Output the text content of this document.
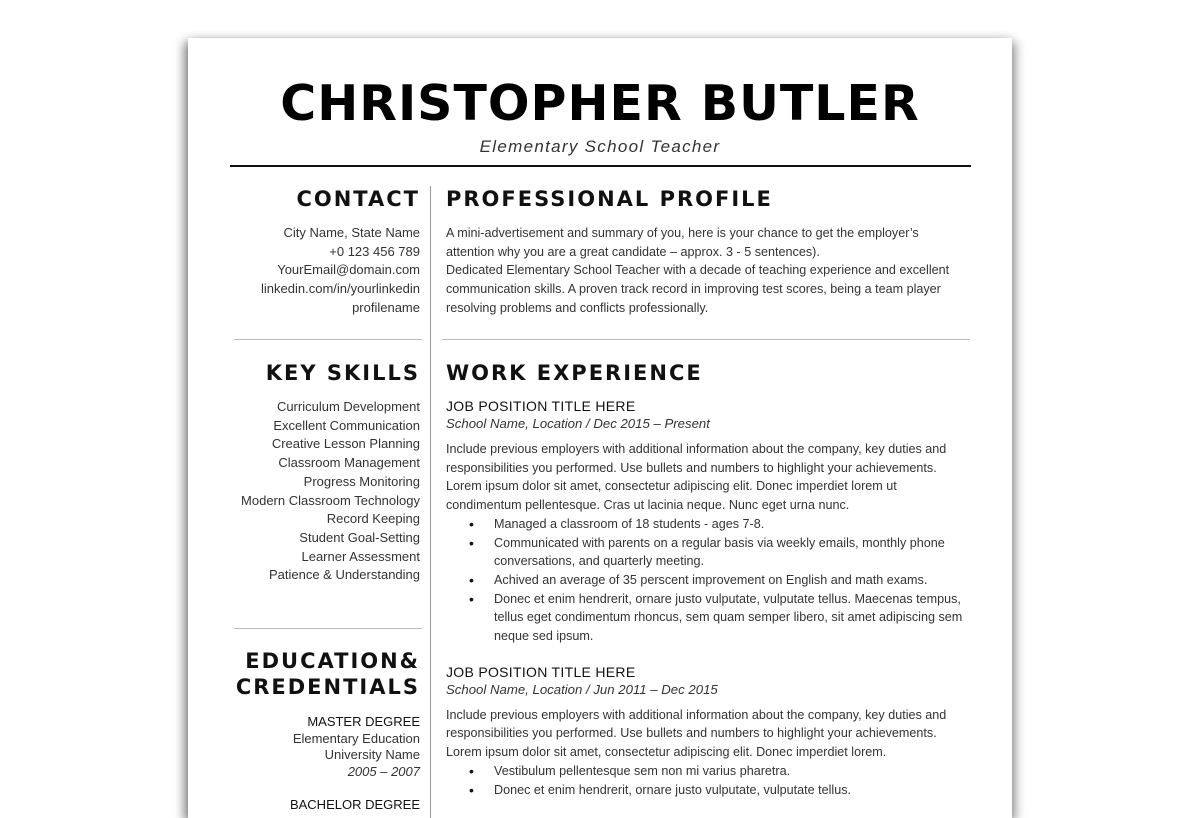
CHRISTOPHER BUTLER
Elementary School Teacher
CONTACT
City Name, State Name
+0 123 456 789
YourEmail@domain.com
linkedin.com/in/yourlinkedin
profilename
KEY SKILLS
Curriculum Development
Excellent Communication
Creative Lesson Planning
Classroom Management
Progress Monitoring
Modern Classroom Technology
Record Keeping
Student Goal-Setting
Learner Assessment
Patience & Understanding
EDUCATION&
CREDENTIALS
MASTER DEGREE
Elementary Education
University Name
2005 – 2007
BACHELOR DEGREE
PROFESSIONAL PROFILE
A mini-advertisement and summary of you, here is your chance to get the employer’s
attention why you are a great candidate – approx. 3 - 5 sentences).
Dedicated Elementary School Teacher with a decade of teaching experience and excellent
communication skills. A proven track record in improving test scores, being a team player
resolving problems and conflicts professionally.
WORK EXPERIENCE
JOB POSITION TITLE HERE
School Name, Location / Dec 2015 – Present
Include previous employers with additional information about the company, key duties and
responsibilities you performed. Use bullets and numbers to highlight your achievements.
Lorem ipsum dolor sit amet, consectetur adipiscing elit. Donec imperdiet lorem ut
condimentum pellentesque. Cras ut lacinia neque. Nunc eget urna nunc.
• Managed a classroom of 18 students - ages 7-8.
• Communicated with parents on a regular basis via weekly emails, monthly phone conversations, and quarterly meeting.
• Achived an average of 35 perscent improvement on English and math exams.
• Donec et enim hendrerit, ornare justo vulputate, vulputate tellus. Maecenas tempus, tellus eget condimentum rhoncus, sem quam semper libero, sit amet adipiscing sem neque sed ipsum.
JOB POSITION TITLE HERE
School Name, Location / Jun 2011 – Dec 2015
Include previous employers with additional information about the company, key duties and
responsibilities you performed. Use bullets and numbers to highlight your achievements.
Lorem ipsum dolor sit amet, consectetur adipiscing elit. Donec imperdiet lorem.
• Vestibulum pellentesque sem non mi varius pharetra.
• Donec et enim hendrerit, ornare justo vulputate, vulputate tellus.
